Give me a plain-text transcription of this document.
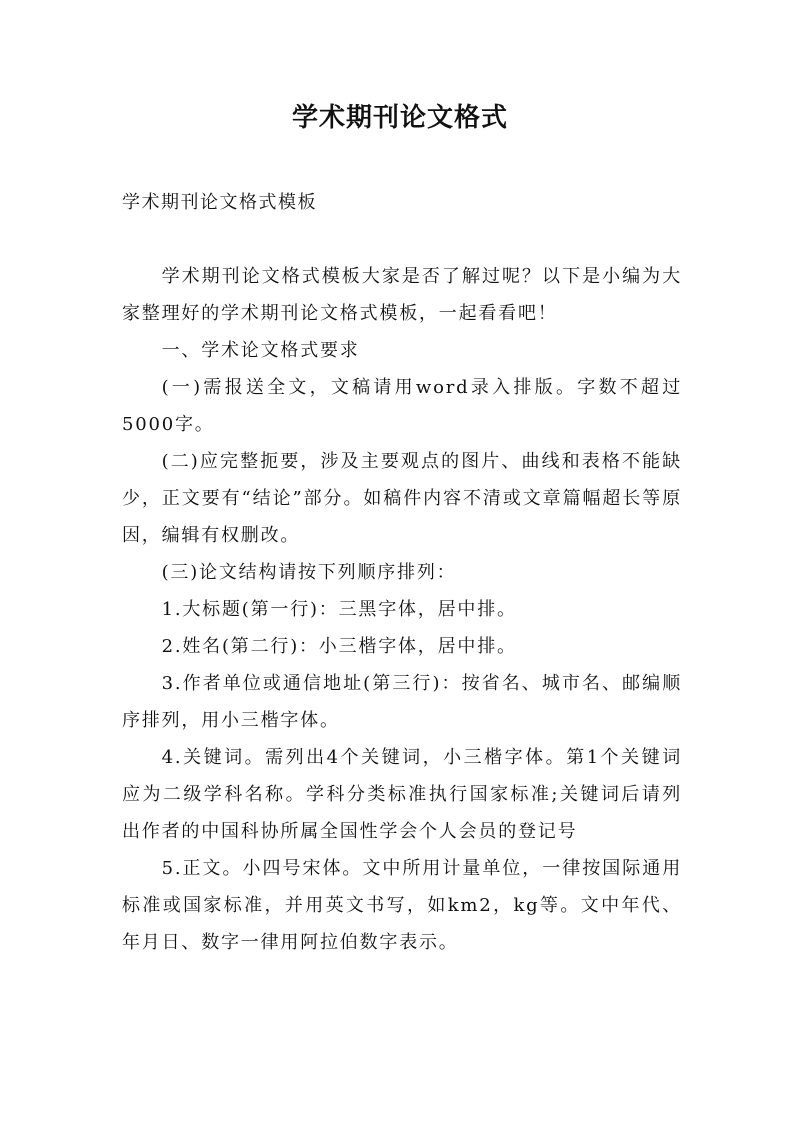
学术期刊论文格式

学术期刊论文格式模板

学术期刊论文格式模板大家是否了解过呢？以下是小编为大家整理好的学术期刊论文格式模板，一起看看吧！

一、学术论文格式要求

(一)需报送全文，文稿请用word录入排版。字数不超过5000字。

(二)应完整扼要，涉及主要观点的图片、曲线和表格不能缺少，正文要有“结论”部分。如稿件内容不清或文章篇幅超长等原因，编辑有权删改。

(三)论文结构请按下列顺序排列：

1.大标题(第一行)：三黑字体，居中排。

2.姓名(第二行)：小三楷字体，居中排。

3.作者单位或通信地址(第三行)：按省名、城市名、邮编顺序排列，用小三楷字体。

4.关键词。需列出4个关键词，小三楷字体。第1个关键词应为二级学科名称。学科分类标准执行国家标准;关键词后请列出作者的中国科协所属全国性学会个人会员的登记号

5.正文。小四号宋体。文中所用计量单位，一律按国际通用标准或国家标准，并用英文书写，如km2，kg等。文中年代、年月日、数字一律用阿拉伯数字表示。
